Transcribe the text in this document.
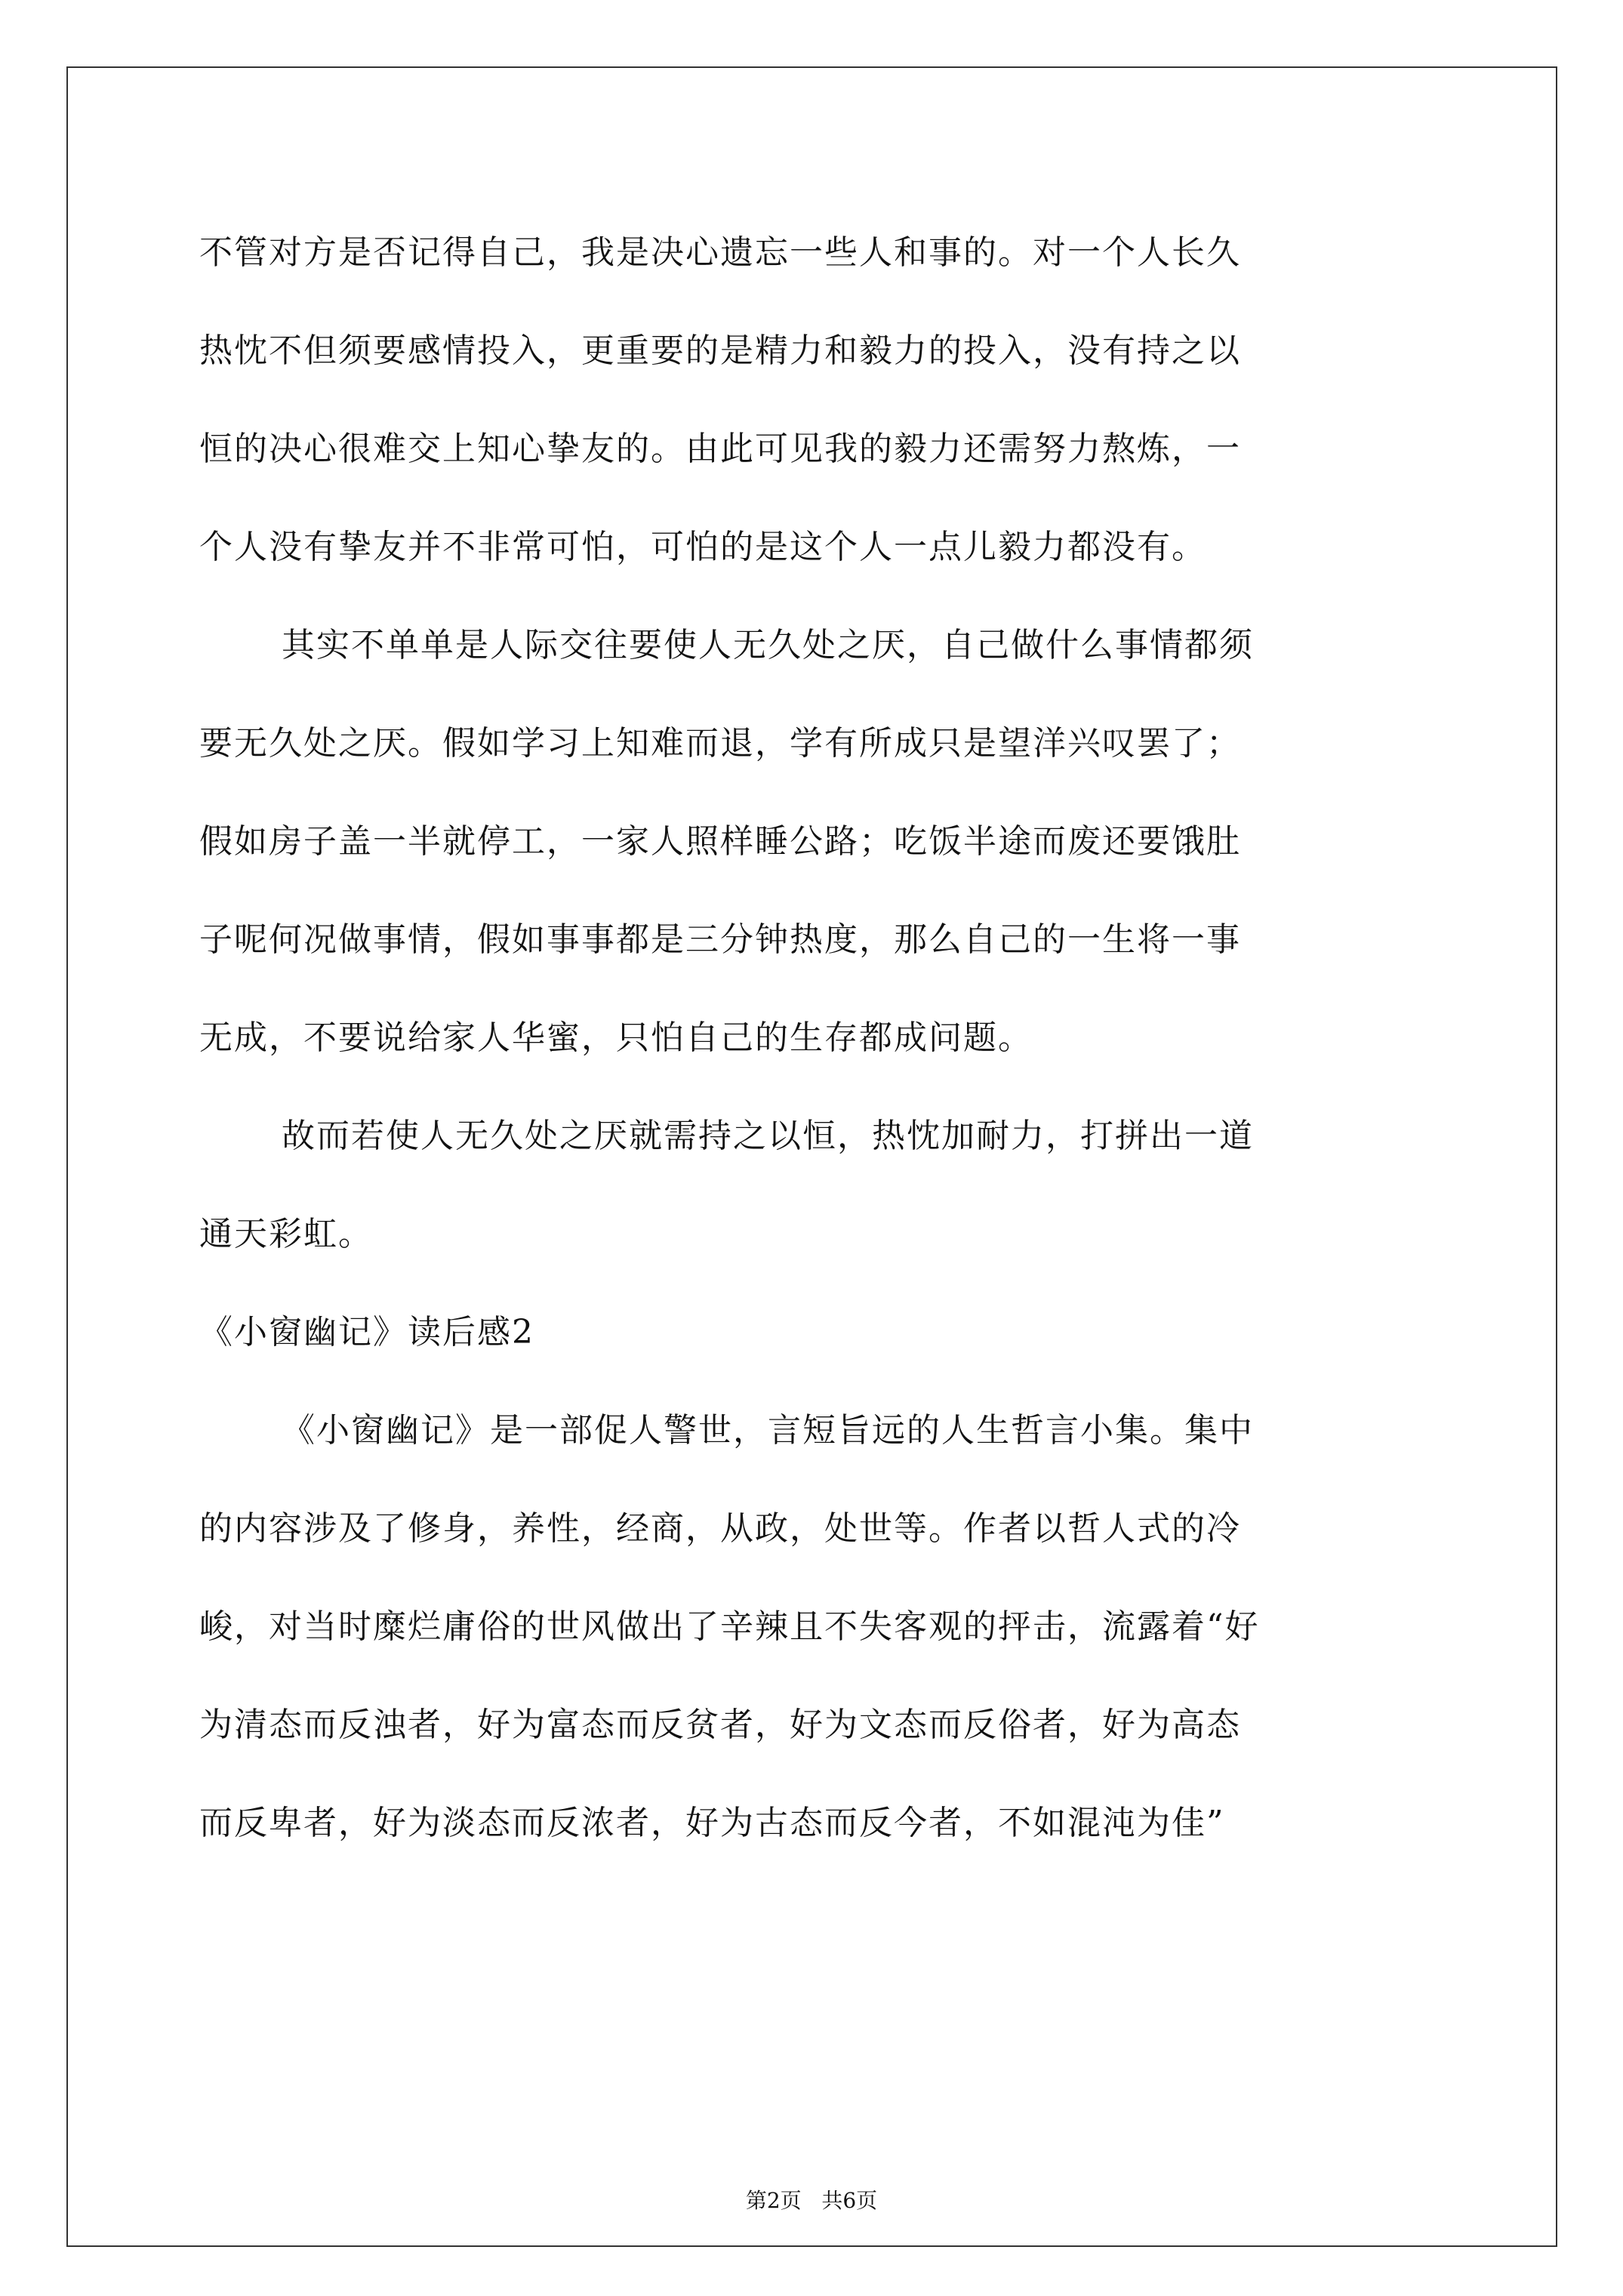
不管对方是否记得自己，我是决心遗忘一些人和事的。对一个人长久
热忱不但须要感情投入，更重要的是精力和毅力的投入，没有持之以
恒的决心很难交上知心挚友的。由此可见我的毅力还需努力熬炼，一
个人没有挚友并不非常可怕，可怕的是这个人一点儿毅力都没有。
其实不单单是人际交往要使人无久处之厌，自己做什么事情都须
要无久处之厌。假如学习上知难而退，学有所成只是望洋兴叹罢了；
假如房子盖一半就停工，一家人照样睡公路；吃饭半途而废还要饿肚
子呢何况做事情，假如事事都是三分钟热度，那么自己的一生将一事
无成，不要说给家人华蜜，只怕自己的生存都成问题。
故而若使人无久处之厌就需持之以恒，热忱加耐力，打拼出一道
通天彩虹。
《小窗幽记》读后感2
《小窗幽记》是一部促人警世，言短旨远的人生哲言小集。集中
的内容涉及了修身，养性，经商，从政，处世等。作者以哲人式的冷
峻，对当时糜烂庸俗的世风做出了辛辣且不失客观的抨击，流露着“好
为清态而反浊者，好为富态而反贫者，好为文态而反俗者，好为高态
而反卑者，好为淡态而反浓者，好为古态而反今者，不如混沌为佳”
第2页 共6页
